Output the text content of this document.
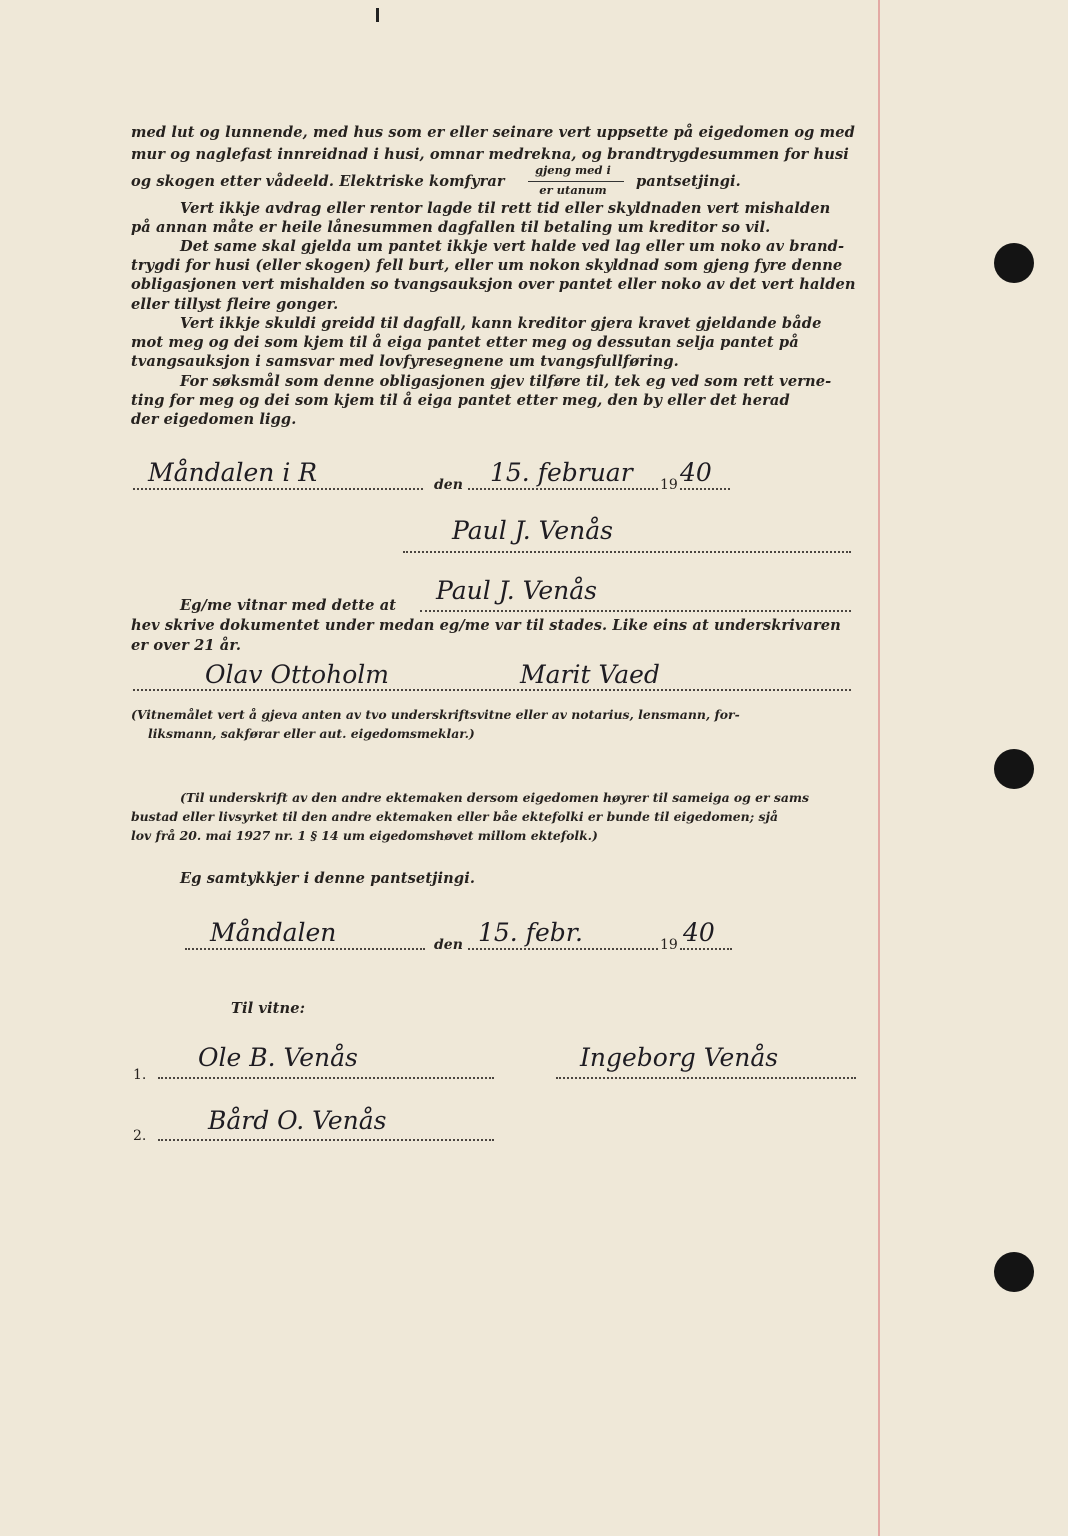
med lut og lunnende, med hus som er eller seinare vert uppsette på eigedomen og med
mur og naglefast innreidnad i husi, omnar medrekna, og brandtrygdesummen for husi
og skogen etter vådeeld. Elektriske komfyrar
gjeng med i
er utanum	pantsetjingi.
Vert ikkje avdrag eller rentor lagde til rett tid eller skyldnaden vert mishalden
på annan måte er heile lånesummen dagfallen til betaling um kreditor so vil.
Det same skal gjelda um pantet ikkje vert halde ved lag eller um noko av brand-
trygdi for husi (eller skogen) fell burt, eller um nokon skyldnad som gjeng fyre denne
obligasjonen vert mishalden so tvangsauksjon over pantet eller noko av det vert halden
eller tillyst fleire gonger.
Vert ikkje skuldi greidd til dagfall, kann kreditor gjera kravet gjeldande både
mot meg og dei som kjem til å eiga pantet etter meg og dessutan selja pantet på
tvangsauksjon i samsvar med lovfyresegnene um tvangsfullføring.
For søksmål som denne obligasjonen gjev tilføre til, tek eg ved som rett verne-
ting for meg og dei som kjem til å eiga pantet etter meg, den by eller det herad
der eigedomen ligg.
Måndalen i R	den 15. februar 19 40
Paul J. Venås
Eg/me vitnar med dette at
Paul J. Venås
hev skrive dokumentet under medan eg/me var til stades. Like eins at underskrivaren
er over 21 år.
Olav Ottoholm	Marit Vaed
(Vitnemålet vert å gjeva anten av tvo underskriftsvitne eller av notarius, lensmann, for-
liksmann, sakførar eller aut. eigedomsmeklar.)
(Til underskrift av den andre ektemaken dersom eigedomen høyrer til sameiga og er sams
bustad eller livsyrket til den andre ektemaken eller båe ektefolki er bunde til eigedomen; sjå
lov frå 20. mai 1927 nr. 1 § 14 um eigedomshøvet millom ektefolk.)
Eg samtykkjer i denne pantsetjingi.
Måndalen	den 15. febr.	19 40
Til vitne:
1.
Ole B. Venås	Ingeborg Venås
2.
Bård O. Venås
